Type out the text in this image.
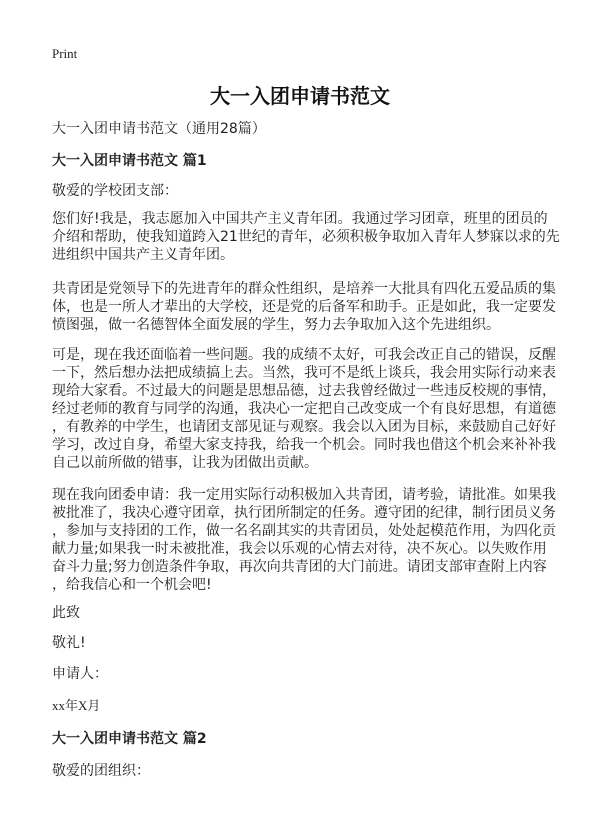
Print
大一入团申请书范文
大一入团申请书范文（通用28篇）
大一入团申请书范文 篇1
敬爱的学校团支部：
您们好!我是，我志愿加入中国共产主义青年团。我通过学习团章，班里的团员的
介绍和帮助，使我知道跨入21世纪的青年，必须积极争取加入青年人梦寐以求的先
进组织中国共产主义青年团。
共青团是党领导下的先进青年的群众性组织，是培养一大批具有四化五爱品质的集
体，也是一所人才辈出的大学校，还是党的后备军和助手。正是如此，我一定要发
愤图强，做一名德智体全面发展的学生，努力去争取加入这个先进组织。
可是，现在我还面临着一些问题。我的成绩不太好，可我会改正自己的错误，反醒
一下，然后想办法把成绩搞上去。当然，我可不是纸上谈兵，我会用实际行动来表
现给大家看。不过最大的问题是思想品德，过去我曾经做过一些违反校规的事情，
经过老师的教育与同学的沟通，我决心一定把自己改变成一个有良好思想，有道德
，有教养的中学生，也请团支部见证与观察。我会以入团为目标，来鼓励自己好好
学习，改过自身，希望大家支持我，给我一个机会。同时我也借这个机会来补补我
自己以前所做的错事，让我为团做出贡献。
现在我向团委申请：我一定用实际行动积极加入共青团，请考验，请批准。如果我
被批准了，我决心遵守团章，执行团所制定的任务。遵守团的纪律，制行团员义务
，参加与支持团的工作，做一名名副其实的共青团员，处处起模范作用，为四化贡
献力量;如果我一时未被批准，我会以乐观的心情去对待，决不灰心。以失败作用
奋斗力量;努力创造条件争取，再次向共青团的大门前进。请团支部审查附上内容
，给我信心和一个机会吧!
此致
敬礼!
申请人：
xx年X月
大一入团申请书范文 篇2
敬爱的团组织：
